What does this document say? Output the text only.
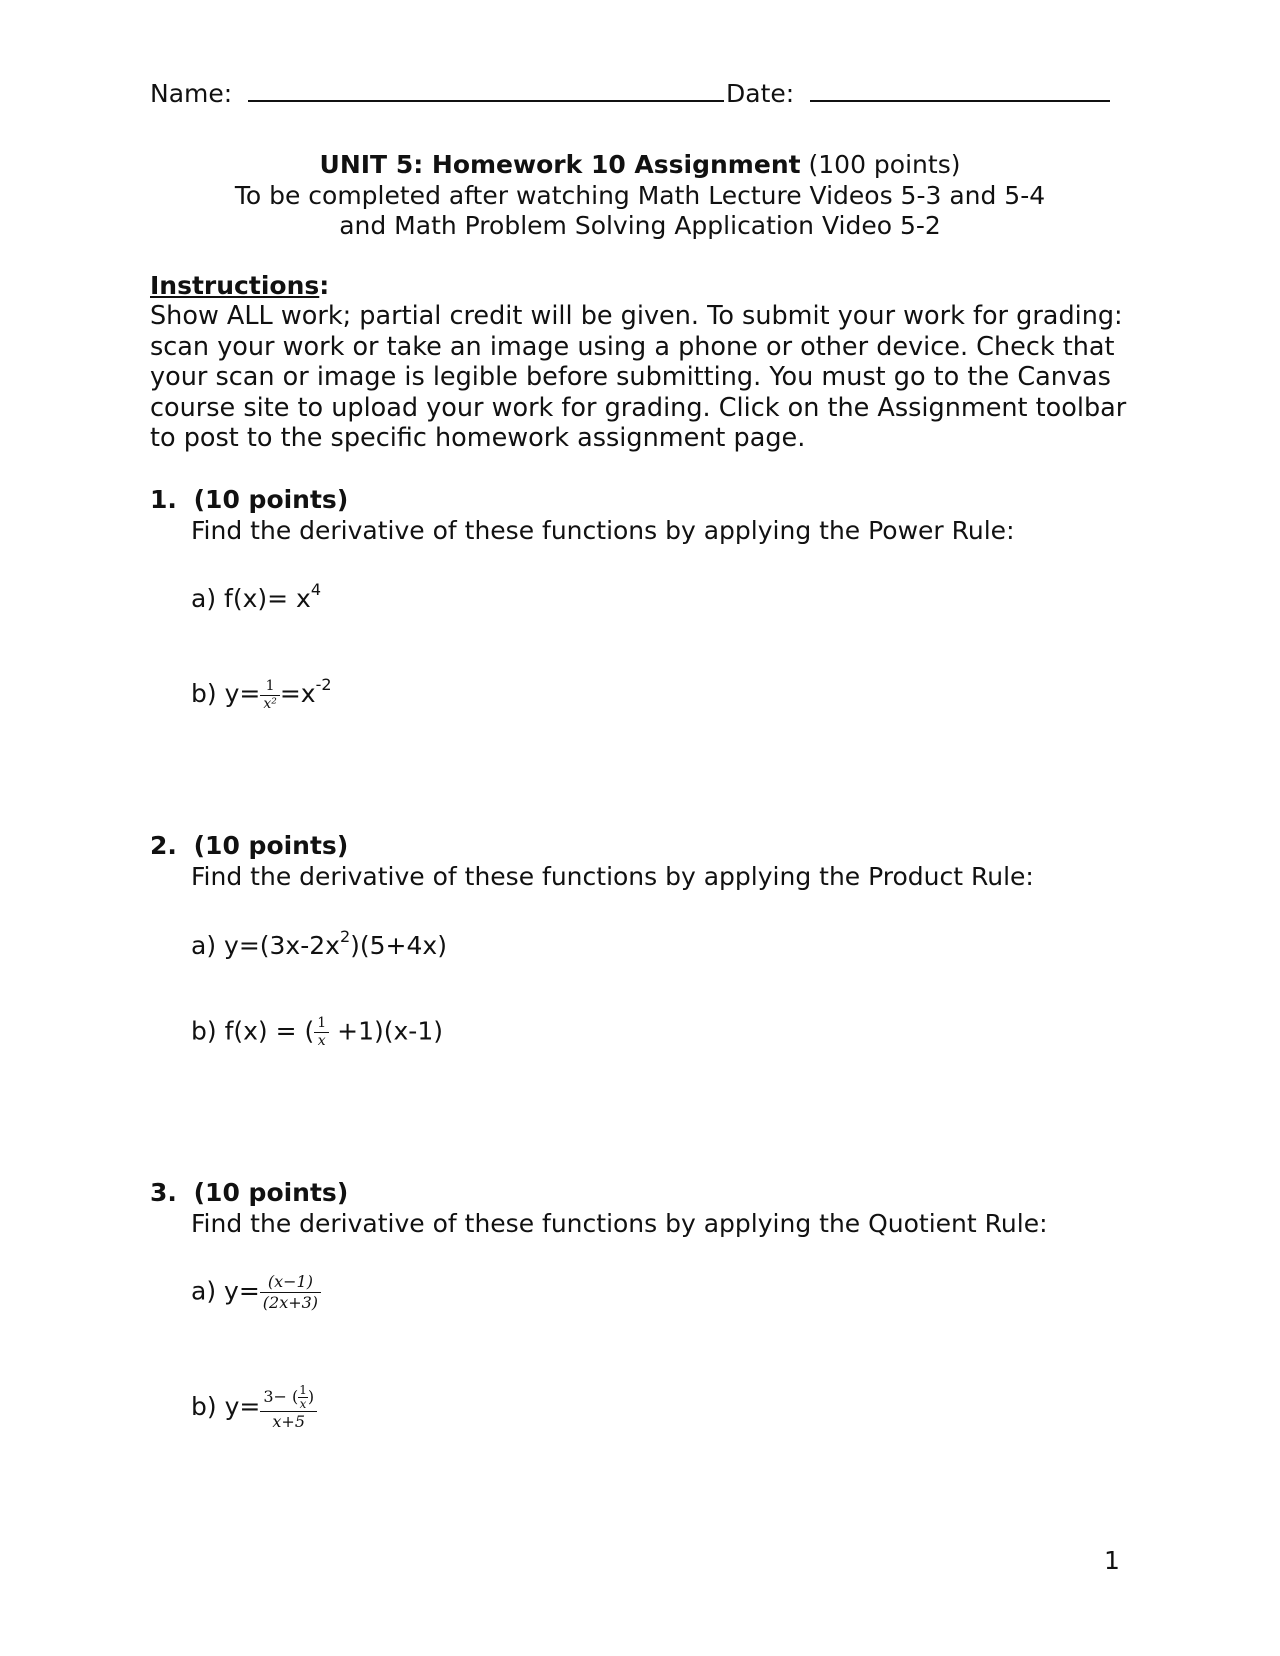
Name:	Date:
UNIT 5: Homework 10 Assignment (100 points)
To be completed after watching Math Lecture Videos 5-3 and 5-4
and Math Problem Solving Application Video 5-2
Instructions:
Show ALL work; partial credit will be given. To submit your work for grading: scan your work or take an image using a phone or other device. Check that your scan or image is legible before submitting. You must go to the Canvas course site to upload your work for grading. Click on the Assignment toolbar to post to the specific homework assignment page.
1. (10 points)
Find the derivative of these functions by applying the Power Rule:
a) $f(x)= x^4$
b) $y= \frac{1}{\text{x²}} =x^{-2}$
2. (10 points)
Find the derivative of these functions by applying the Product Rule:
a) $y=(3x-2x^2)(5+4x)$
b) f(x) = ( $\frac{1}{x} +1)(x-1)$
3. (10 points)
Find the derivative of these functions by applying the Quotient Rule:
a) $y= \frac{(x-1)}{(2x+3)}$
b) $y= \frac{3- ( \frac{1}{x} )}{x+5}$
1
